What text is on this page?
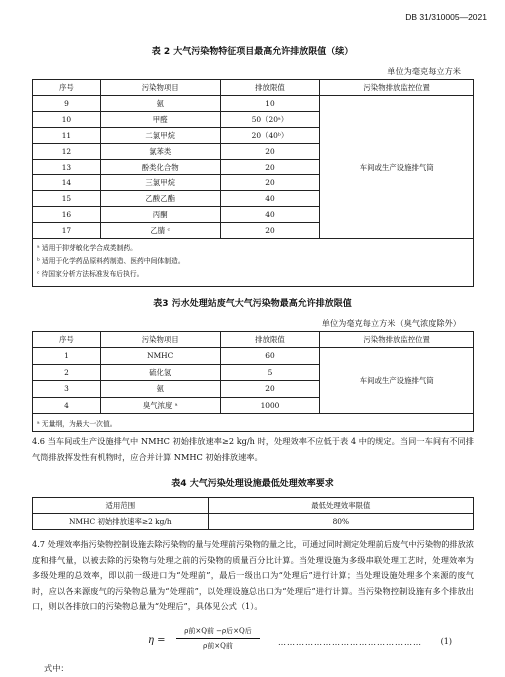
DB 31/310005—2021
表 2 大气污染物特征项目最高允许排放限值（续）
单位为毫克每立方米
序号	污染物项目	排放限值	污染物排放监控位置
9	氨	10	车间或生产设施排气筒
10	甲醛	50（20ᵃ）	
11	二氯甲烷	20（40ᵇ）	
12	氯苯类	20	
13	酚类化合物	20	
14	三氯甲烷	20	
15	乙酸乙酯	40	
16	丙酮	40	
17	乙腈 ᶜ	20	

ᵃ 适用于抑芽敏化学合成类制药。
ᵇ 适用于化学药品原料药制造、医药中间体制造。
ᶜ 待国家分析方法标准发布后执行。			
表3 污水处理站废气大气污染物最高允许排放限值
单位为毫克每立方米（臭气浓度除外）
序号	污染物项目	排放限值	污染物排放监控位置
1	NMHC	60	车间或生产设施排气筒
2	硫化氢	5	
3	氨	20	
4	臭气浓度 ᵃ	1000	
ᵃ 无量纲，为最大一次值。			
4.6 当车间或生产设施排气中 NMHC 初始排放速率≥2 kg/h 时，处理效率不应低于表 4 中的规定。当同一车间有不同排气筒排放挥发性有机物时，应合并计算 NMHC 初始排放速率。
表4 大气污染处理设施最低处理效率要求
适用范围	最低处理效率限值
NMHC 初始排放速率≥2 kg/h	80%
4.7 处理效率指污染物控制设施去除污染物的量与处理前污染物的量之比，可通过同时测定处理前后废气中污染物的排放浓度和排气量，以被去除的污染物与处理之前的污染物的质量百分比计算。当处理设施为多级串联处理工艺时，处理效率为多级处理的总效率，即以前一级进口为“处理前”，最后一级出口为“处理后”进行计算；当处理设施处理多个来源的废气时，应以各来源废气的污染物总量为“处理前”，以处理设施总出口为“处理后”进行计算。当污染物控制设施有多个排放出口，则以各排放口的污染物总量为“处理后”，具体见公式（1）。
η =
ρ前×Q前 −ρ后×Q后
ρ前×Q前	………………………………………… (1)
式中：
